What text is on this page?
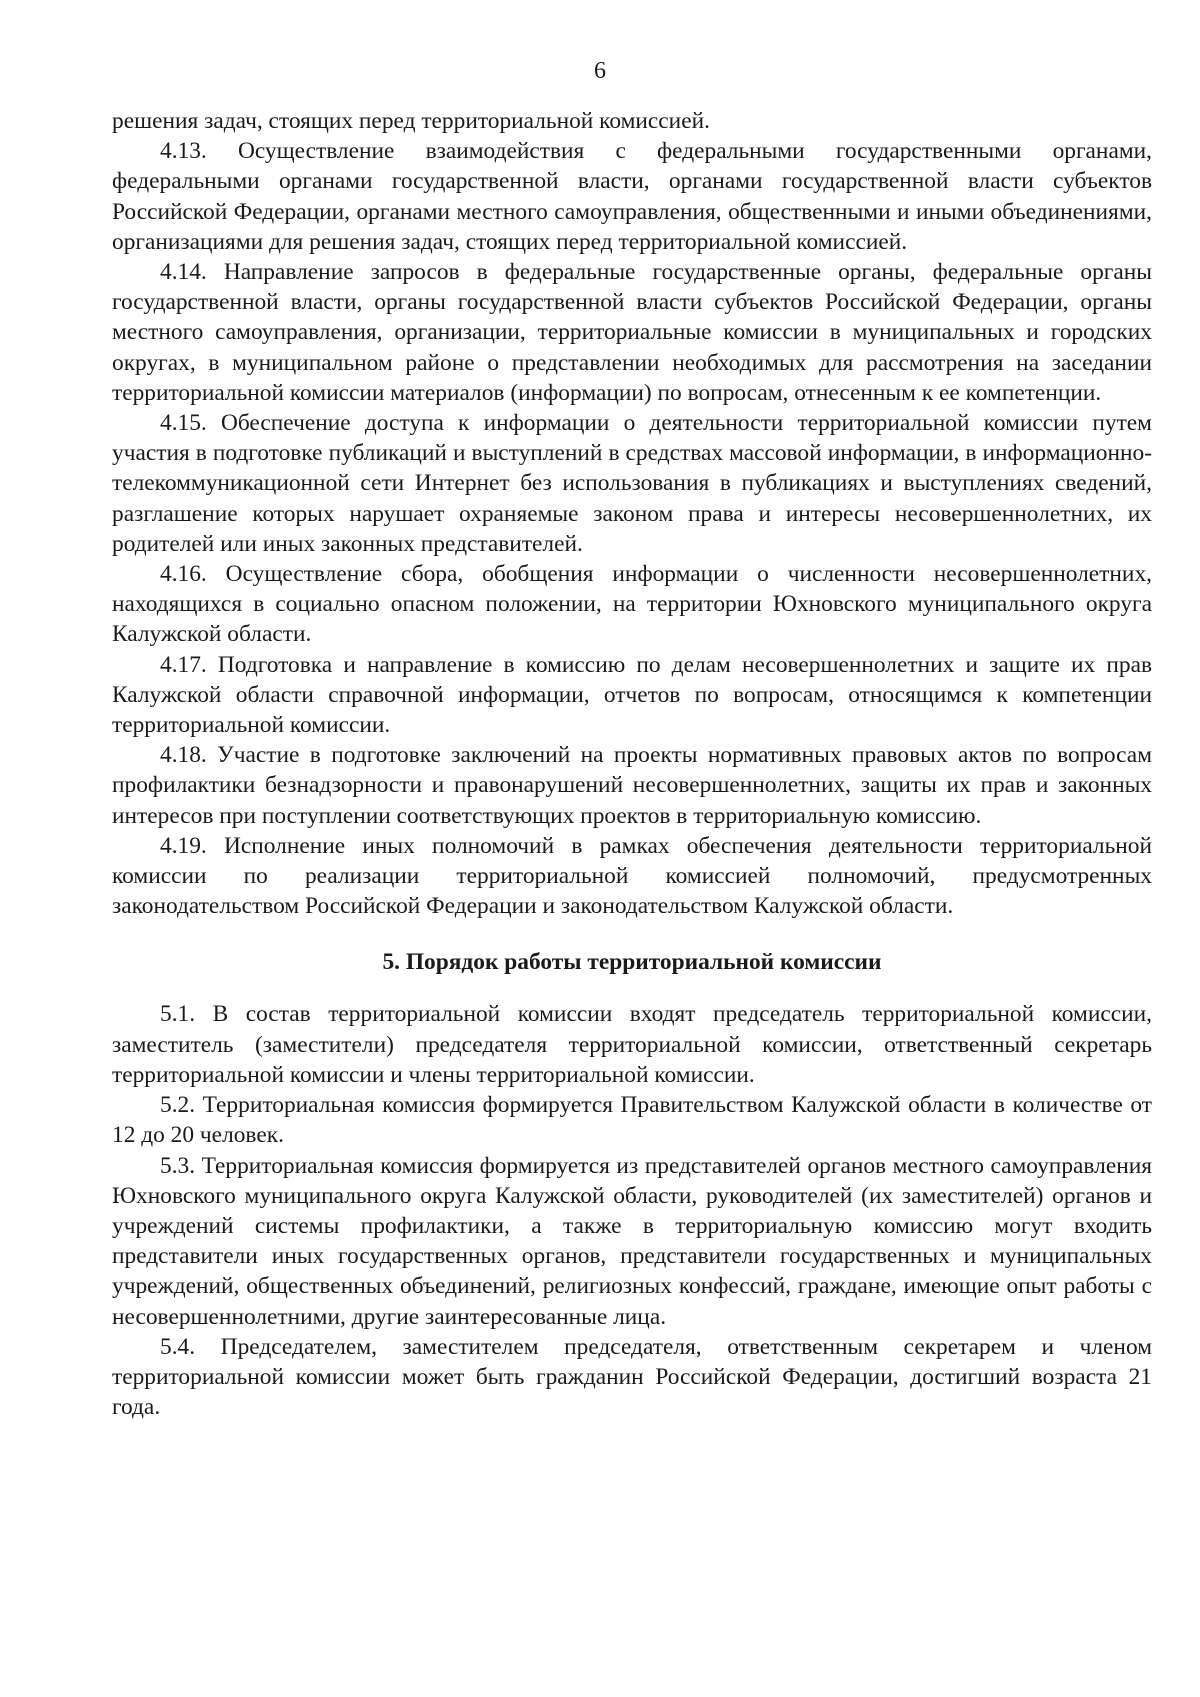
6

решения задач, стоящих перед территориальной комиссией.

4.13. Осуществление взаимодействия с федеральными государственными органами, федеральными органами государственной власти, органами государственной власти субъектов Российской Федерации, органами местного самоуправления, общественными и иными объединениями, организациями для решения задач, стоящих перед территориальной комиссией.

4.14. Направление запросов в федеральные государственные органы, федеральные органы государственной власти, органы государственной власти субъектов Российской Федерации, органы местного самоуправления, организации, территориальные комиссии в муниципальных и городских округах, в муниципальном районе о представлении необходимых для рассмотрения на заседании территориальной комиссии материалов (информации) по вопросам, отнесенным к ее компетенции.

4.15. Обеспечение доступа к информации о деятельности территориальной комиссии путем участия в подготовке публикаций и выступлений в средствах массовой информации, в информационно-телекоммуникационной сети Интернет без использования в публикациях и выступлениях сведений, разглашение которых нарушает охраняемые законом права и интересы несовершеннолетних, их родителей или иных законных представителей.

4.16. Осуществление сбора, обобщения информации о численности несовершеннолетних, находящихся в социально опасном положении, на территории Юхновского муниципального округа Калужской области.

4.17. Подготовка и направление в комиссию по делам несовершеннолетних и защите их прав Калужской области справочной информации, отчетов по вопросам, относящимся к компетенции территориальной комиссии.

4.18. Участие в подготовке заключений на проекты нормативных правовых актов по вопросам профилактики безнадзорности и правонарушений несовершеннолетних, защиты их прав и законных интересов при поступлении соответствующих проектов в территориальную комиссию.

4.19. Исполнение иных полномочий в рамках обеспечения деятельности территориальной комиссии по реализации территориальной комиссией полномочий, предусмотренных законодательством Российской Федерации и законодательством Калужской области.

5. Порядок работы территориальной комиссии

5.1. В состав территориальной комиссии входят председатель территориальной комиссии, заместитель (заместители) председателя территориальной комиссии, ответственный секретарь территориальной комиссии и члены территориальной комиссии.

5.2. Территориальная комиссия формируется Правительством Калужской области в количестве от 12 до 20 человек.

5.3. Территориальная комиссия формируется из представителей органов местного самоуправления Юхновского муниципального округа Калужской области, руководителей (их заместителей) органов и учреждений системы профилактики, а также в территориальную комиссию могут входить представители иных государственных органов, представители государственных и муниципальных учреждений, общественных объединений, религиозных конфессий, граждане, имеющие опыт работы с несовершеннолетними, другие заинтересованные лица.

5.4. Председателем, заместителем председателя, ответственным секретарем и членом территориальной комиссии может быть гражданин Российской Федерации, достигший возраста 21 года.
